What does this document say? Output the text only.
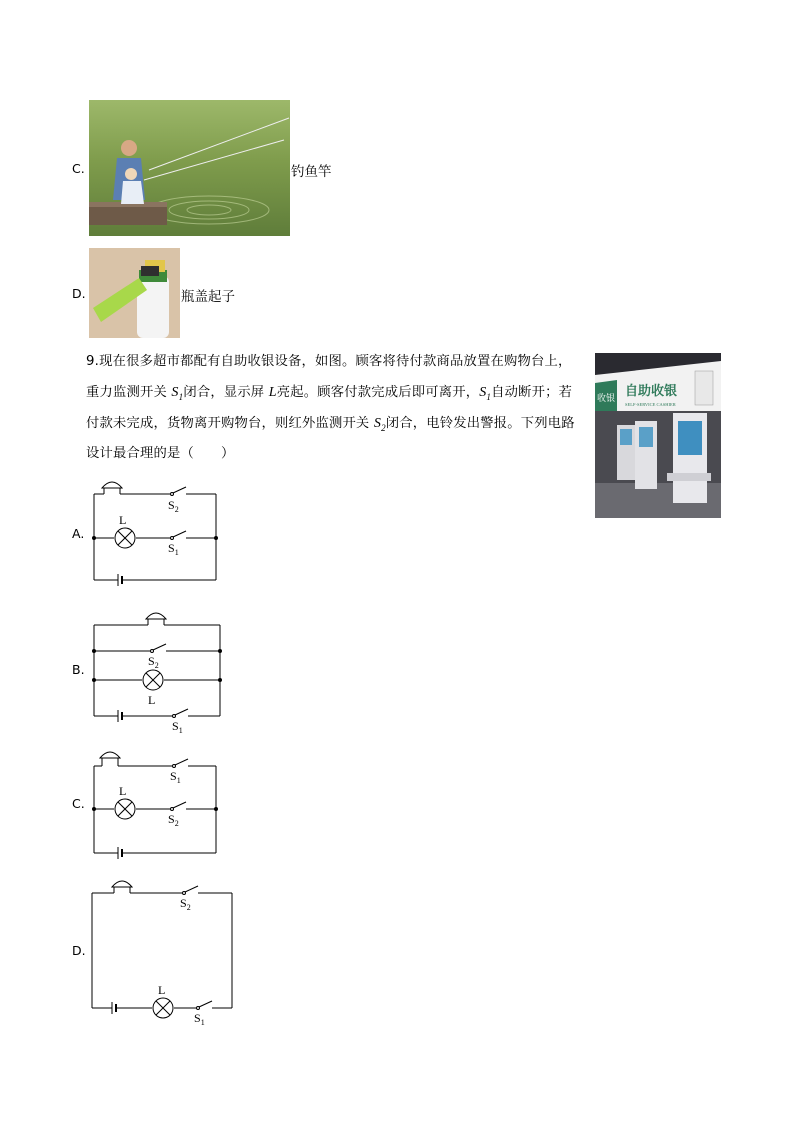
C.	钓鱼竿
D.	瓶盖起子
9.现在很多超市都配有自助收银设备，如图。顾客将待付款商品放置在购物台上，
重力监测开关 $S_1$闭合，显示屏 L亮起。顾客付款完成后即可离开，$S_1$自动断开；若
付款未完成，货物离开购物台，则红外监测开关 $S_2$闭合，电铃发出警报。下列电路
设计最合理的是（　　）
收银 自助收银
SELF-SERVICE CASHIER
A.
$S_2$
L
$S_1$
B.
$S_2$
L
$S_1$
C.
$S_1$
L
$S_2$
D.
$S_2$
L
$S_1$
